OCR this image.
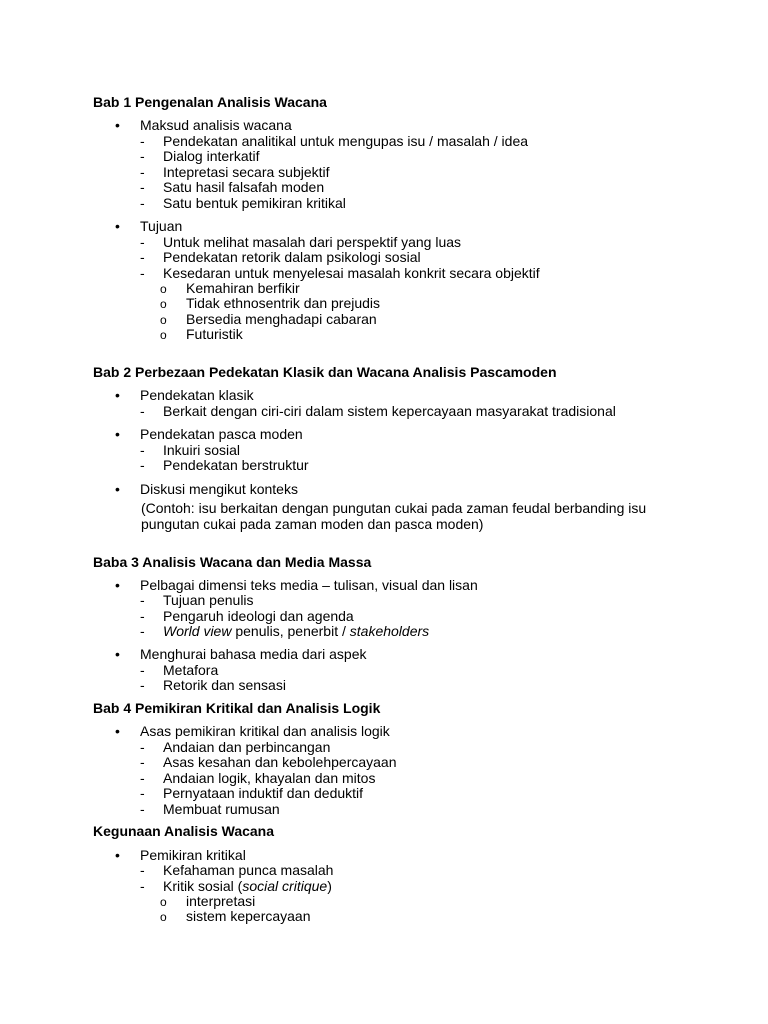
Bab 1 Pengenalan Analisis Wacana
• Maksud analisis wacana
- Pendekatan analitikal untuk mengupas isu / masalah / idea
- Dialog interkatif
- Intepretasi secara subjektif
- Satu hasil falsafah moden
- Satu bentuk pemikiran kritikal
• Tujuan
- Untuk melihat masalah dari perspektif yang luas
- Pendekatan retorik dalam psikologi sosial
- Kesedaran untuk menyelesai masalah konkrit secara objektif
o Kemahiran berfikir
o Tidak ethnosentrik dan prejudis
o Bersedia menghadapi cabaran
o Futuristik
Bab 2 Perbezaan Pedekatan Klasik dan Wacana Analisis Pascamoden
• Pendekatan klasik
- Berkait dengan ciri-ciri dalam sistem kepercayaan masyarakat tradisional
• Pendekatan pasca moden
- Inkuiri sosial
- Pendekatan berstruktur
• Diskusi mengikut konteks
(Contoh: isu berkaitan dengan pungutan cukai pada zaman feudal berbanding isu pungutan cukai pada zaman moden dan pasca moden)
Baba 3 Analisis Wacana dan Media Massa
• Pelbagai dimensi teks media – tulisan, visual dan lisan
- Tujuan penulis
- Pengaruh ideologi dan agenda
- World view penulis, penerbit / stakeholders
• Menghurai bahasa media dari aspek
- Metafora
- Retorik dan sensasi
Bab 4 Pemikiran Kritikal dan Analisis Logik
• Asas pemikiran kritikal dan analisis logik
- Andaian dan perbincangan
- Asas kesahan dan kebolehpercayaan
- Andaian logik, khayalan dan mitos
- Pernyataan induktif dan deduktif
- Membuat rumusan
Kegunaan Analisis Wacana
• Pemikiran kritikal
- Kefahaman punca masalah
- Kritik sosial (social critique)
o interpretasi
o sistem kepercayaan
